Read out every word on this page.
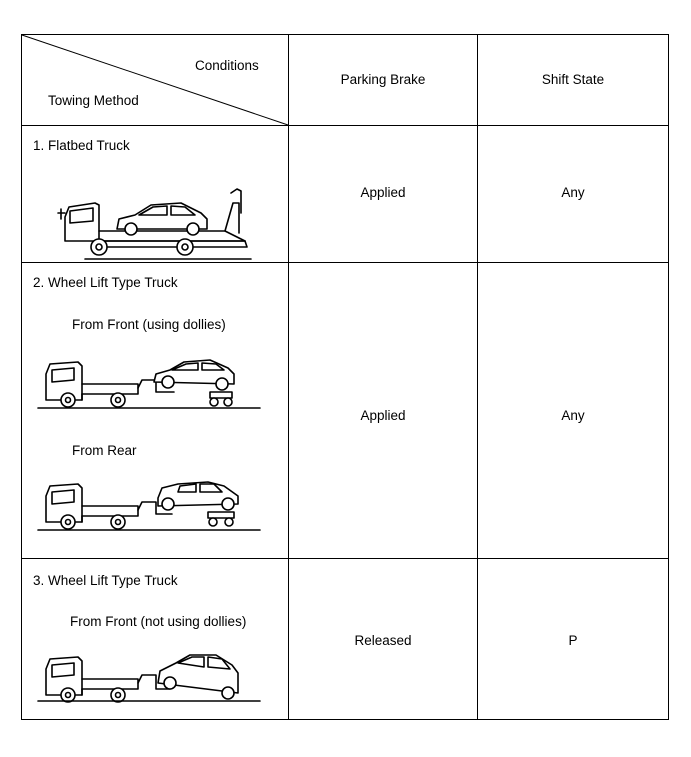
Conditions
Towing Method
Parking Brake	Shift State
1. Flatbed Truck
Applied	Any
2. Wheel Lift Type Truck
From Front (using dollies)
From Rear
Applied	Any
3. Wheel Lift Type Truck
From Front (not using dollies)
Released	P
